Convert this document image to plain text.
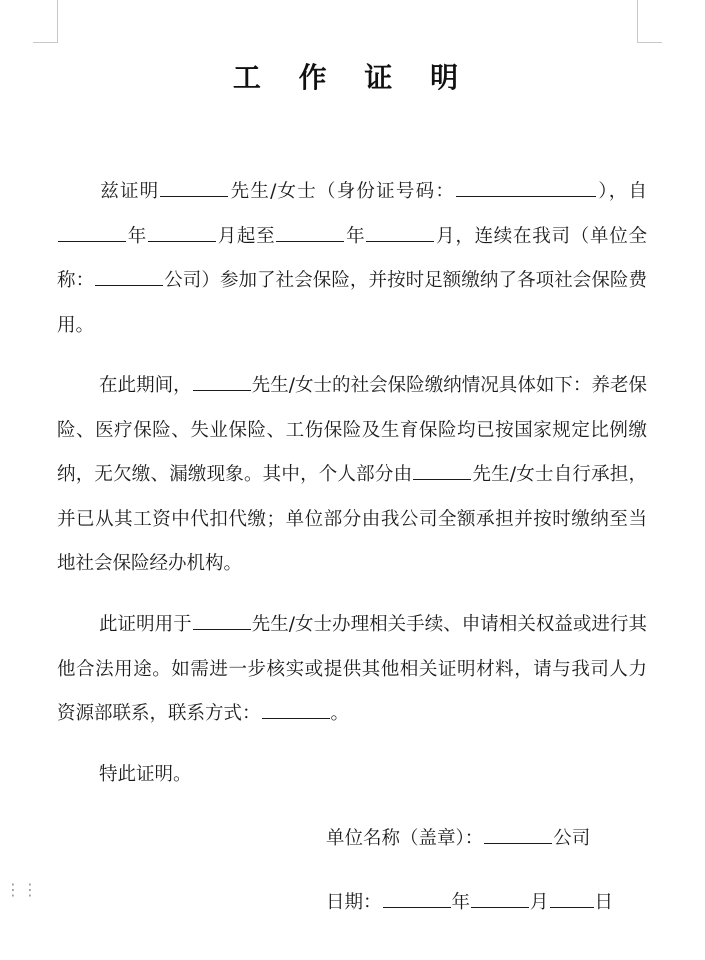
工 作 证 明
兹证明	先生/女士（身份证号码：	），自年	月起至	年	月，连续在我司（单位全称：	公司）参加了社会保险，并按时足额缴纳了各项社会保险费用。
在此期间，	先生/女士的社会保险缴纳情况具体如下：养老保险、医疗保险、失业保险、工伤保险及生育保险均已按国家规定比例缴纳，无欠缴、漏缴现象。其中，个人部分由	先生/女士自行承担，并已从其工资中代扣代缴；单位部分由我公司全额承担并按时缴纳至当地社会保险经办机构。
此证明用于	先生/女士办理相关手续、申请相关权益或进行其他合法用途。如需进一步核实或提供其他相关证明材料，请与我司人力资源部联系，联系方式：	。
特此证明。
单位名称（盖章）：	公司
日期：	年	月 日
⋮⋮
